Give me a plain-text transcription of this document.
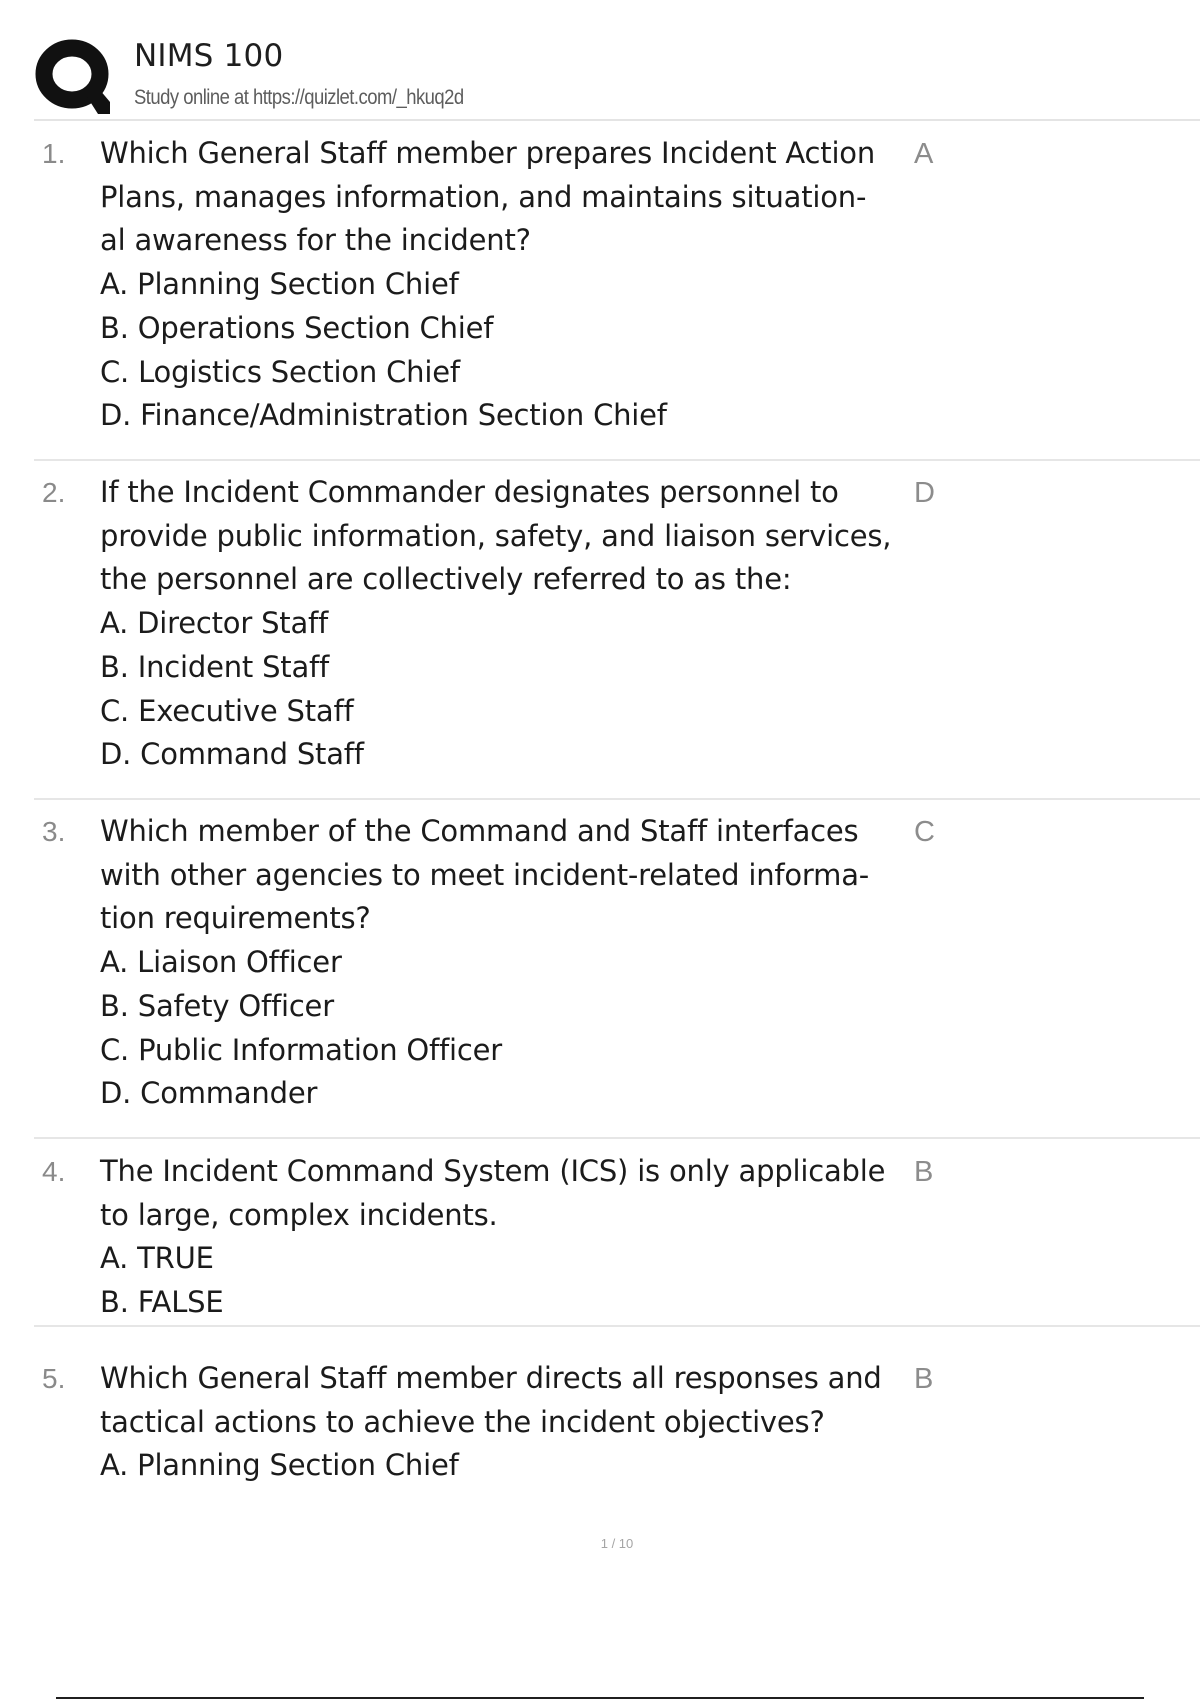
NIMS 100
Study online at https://quizlet.com/_hkuq2d
1. Which General Staff member prepares Incident Action
Plans, manages information, and maintains situation-
al awareness for the incident?
A. Planning Section Chief
B. Operations Section Chief
C. Logistics Section Chief
D. Finance/Administration Section Chief
A
2. If the Incident Commander designates personnel to
provide public information, safety, and liaison services,
the personnel are collectively referred to as the:
A. Director Staff
B. Incident Staff
C. Executive Staff
D. Command Staff
D
3. Which member of the Command and Staff interfaces
with other agencies to meet incident-related informa-
tion requirements?
A. Liaison Officer
B. Safety Officer
C. Public Information Officer
D. Commander
C
4. The Incident Command System (ICS) is only applicable
to large, complex incidents.
A. TRUE
B. FALSE
B
5. Which General Staff member directs all responses and
tactical actions to achieve the incident objectives?
A. Planning Section Chief
B
1 / 10
